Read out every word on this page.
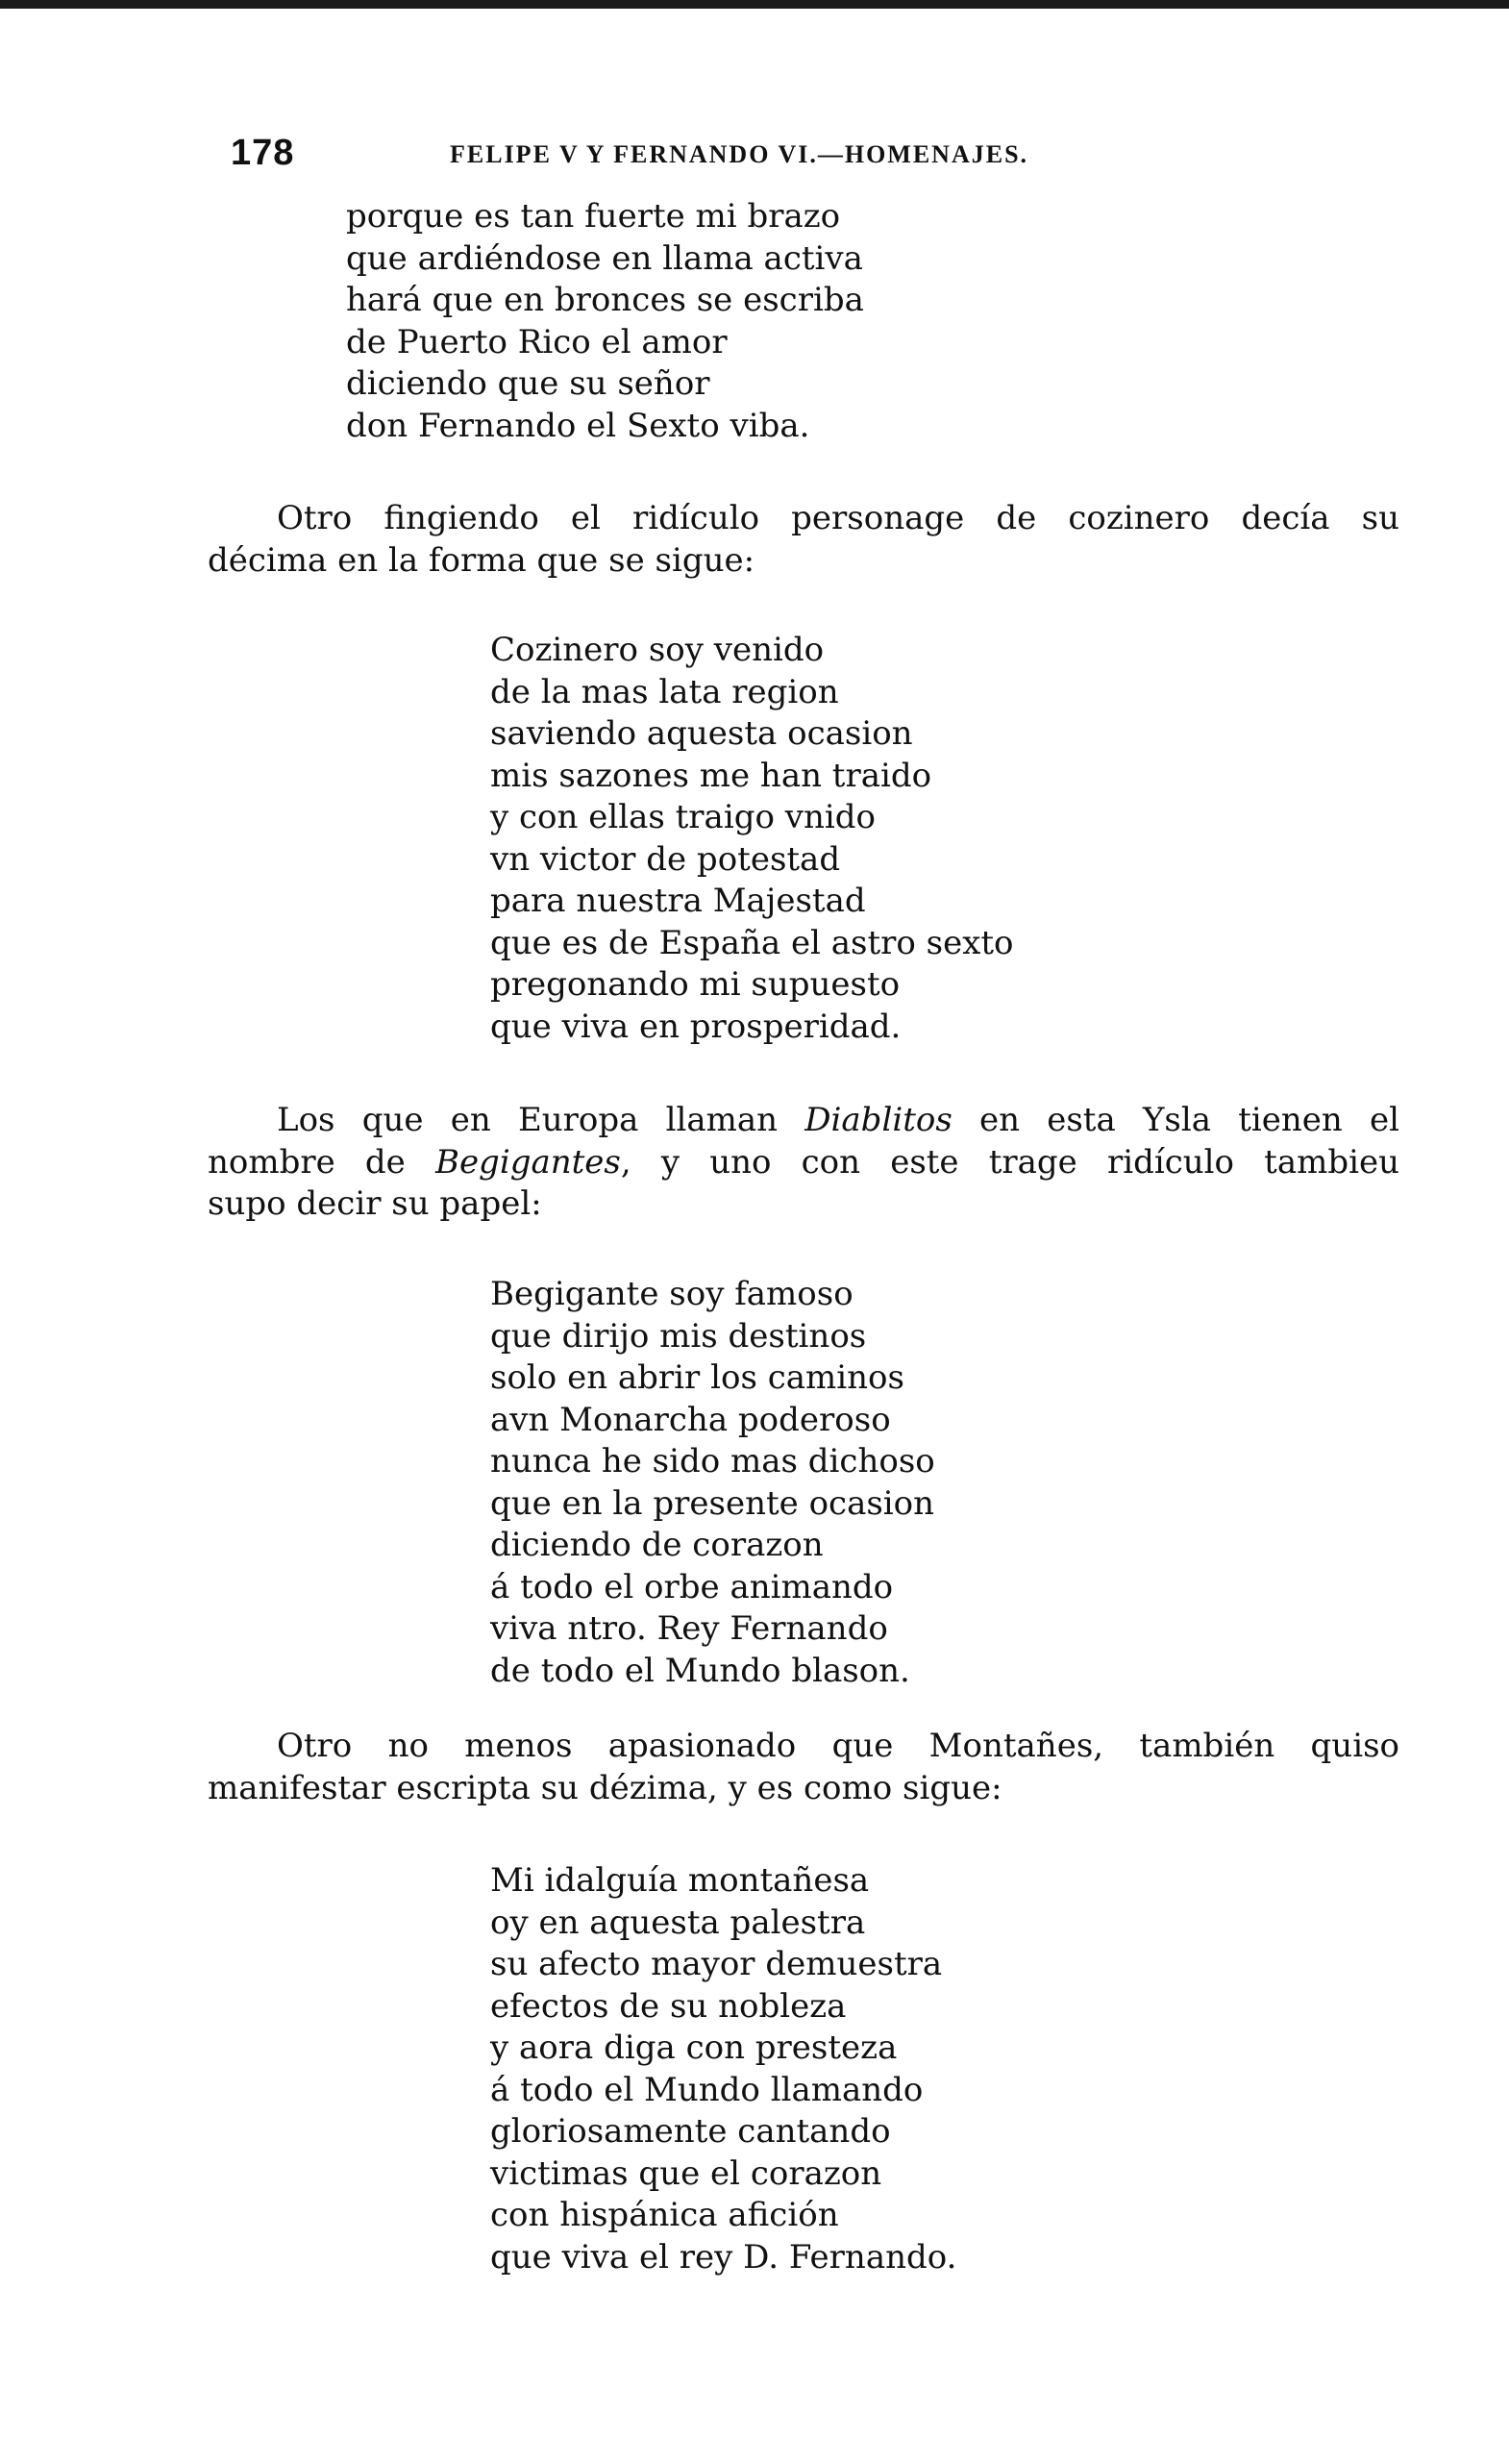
178	FELIPE V Y FERNANDO VI.—HOMENAJES.
porque es tan fuerte mi brazo
que ardiéndose en llama activa
hará que en bronces se escriba
de Puerto Rico el amor
diciendo que su señor
don Fernando el Sexto viba.
Otro fingiendo el ridículo personage de cozinero decía su
décima en la forma que se sigue:
Cozinero soy venido
de la mas lata region
saviendo aquesta ocasion
mis sazones me han traido
y con ellas traigo vnido
vn victor de potestad
para nuestra Majestad
que es de España el astro sexto
pregonando mi supuesto
que viva en prosperidad.
Los que en Europa llaman Diablitos en esta Ysla tienen el
nombre de Begigantes, y uno con este trage ridículo tambieu
supo decir su papel:
Begigante soy famoso
que dirijo mis destinos
solo en abrir los caminos
avn Monarcha poderoso
nunca he sido mas dichoso
que en la presente ocasion
diciendo de corazon
á todo el orbe animando
viva ntro. Rey Fernando
de todo el Mundo blason.
Otro no menos apasionado que Montañes, también quiso
manifestar escripta su dézima, y es como sigue:
Mi idalguía montañesa
oy en aquesta palestra
su afecto mayor demuestra
efectos de su nobleza
y aora diga con presteza
á todo el Mundo llamando
gloriosamente cantando
victimas que el corazon
con hispánica afición
que viva el rey D. Fernando.
